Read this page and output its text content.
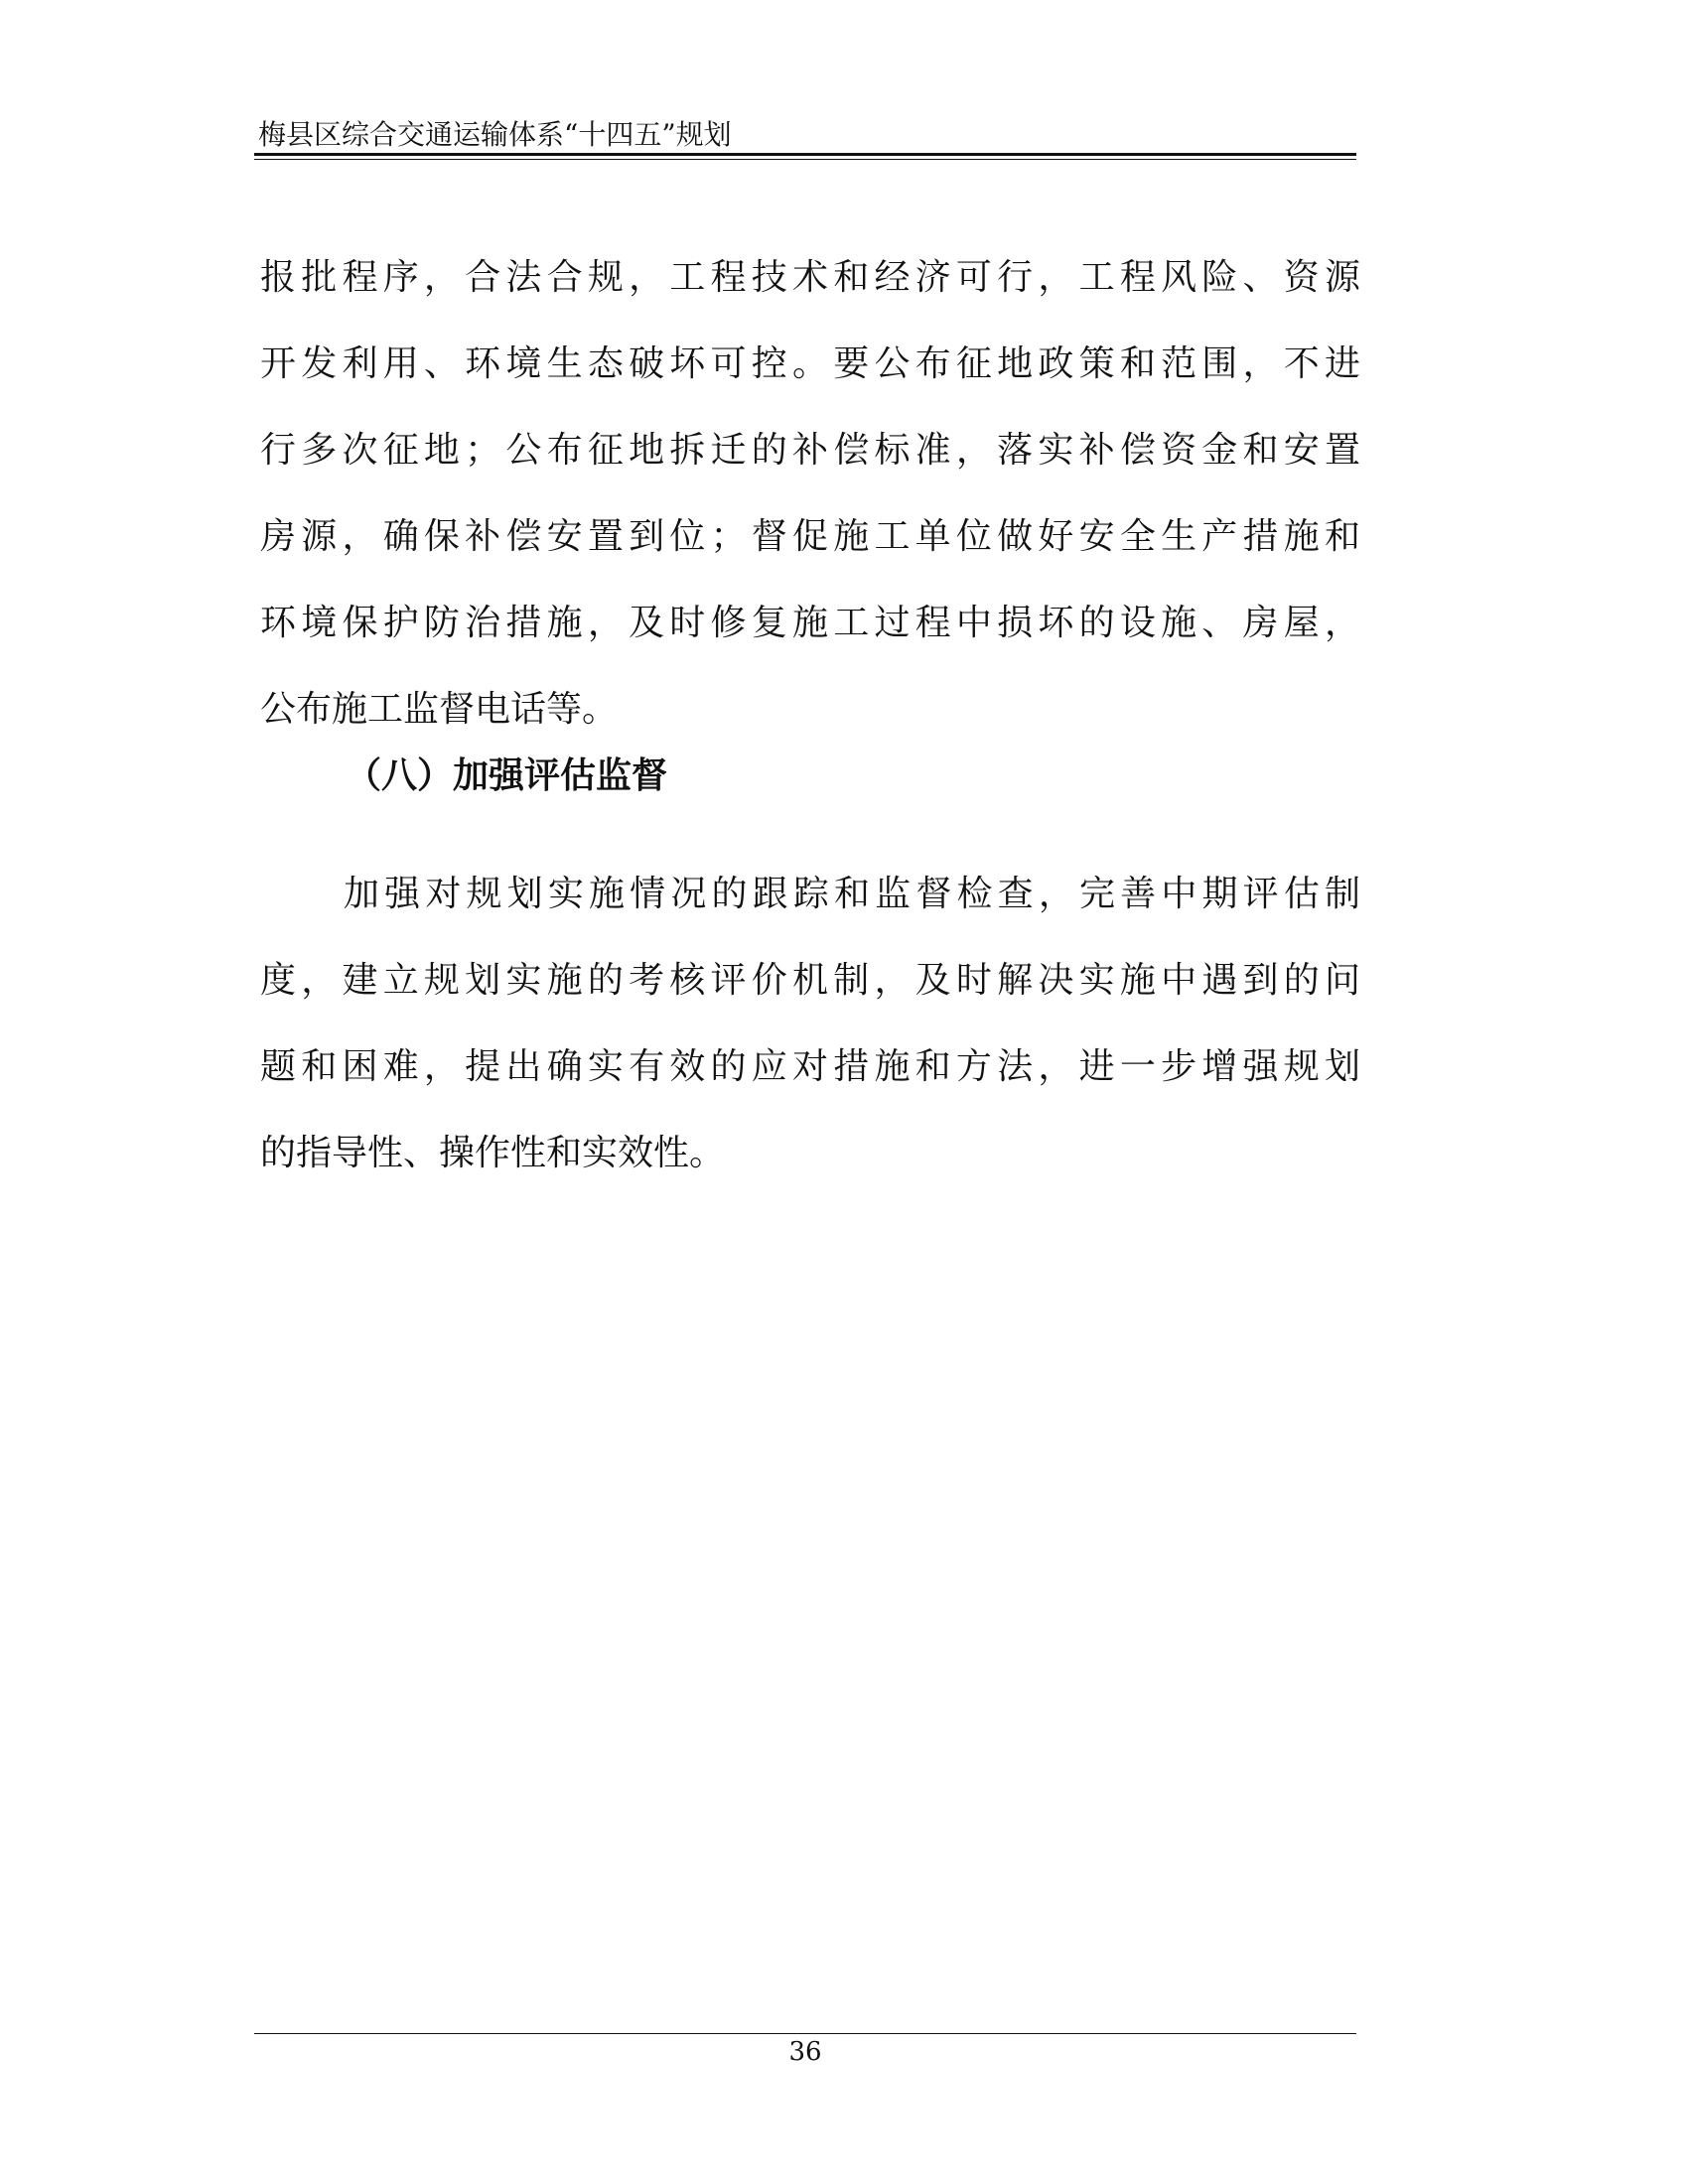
梅县区综合交通运输体系“十四五”规划
报批程序，合法合规，工程技术和经济可行，工程风险、资源
开发利用、环境生态破坏可控。要公布征地政策和范围，不进
行多次征地；公布征地拆迁的补偿标准，落实补偿资金和安置
房源，确保补偿安置到位；督促施工单位做好安全生产措施和
环境保护防治措施，及时修复施工过程中损坏的设施、房屋，
公布施工监督电话等。
（八）加强评估监督
加强对规划实施情况的跟踪和监督检查，完善中期评估制
度，建立规划实施的考核评价机制，及时解决实施中遇到的问
题和困难，提出确实有效的应对措施和方法，进一步增强规划
的指导性、操作性和实效性。
36
